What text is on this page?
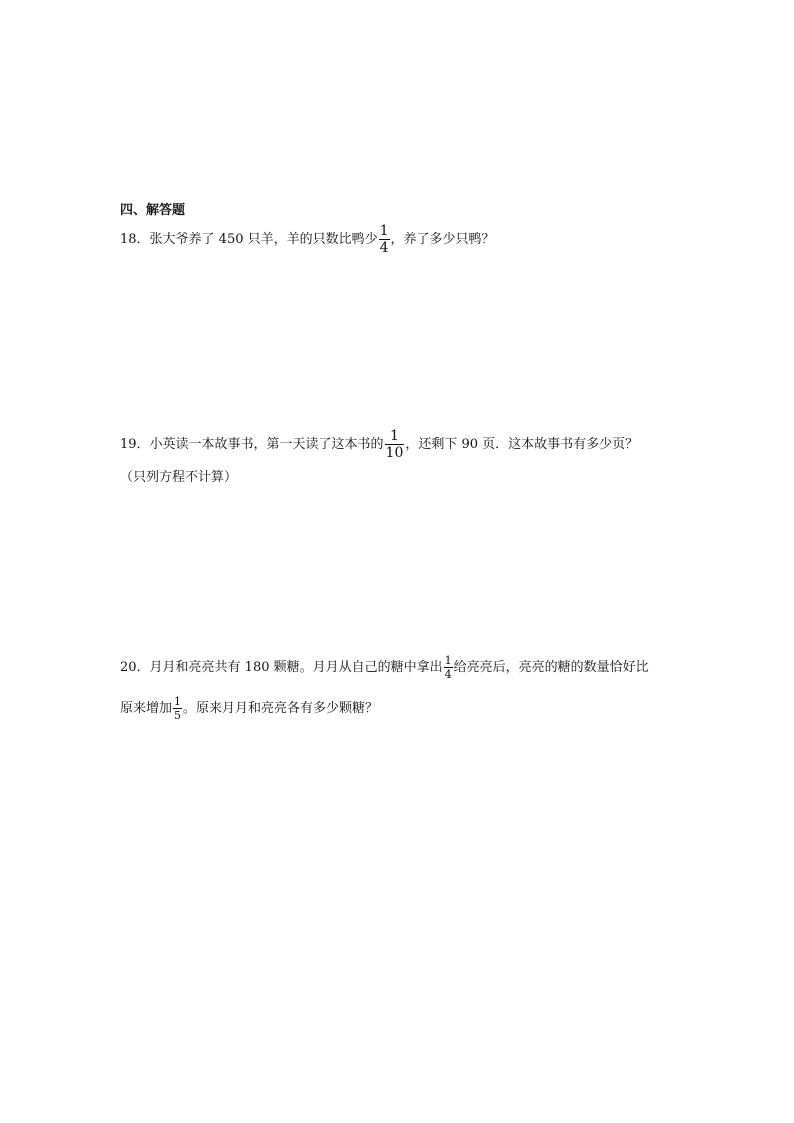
四、解答题
18．张大爷养了 450 只羊，羊的只数比鸭少 $\frac{1}{4}$ ，养了多少只鸭？
19．小英读一本故事书，第一天读了这本书的 $\frac{1}{10}$ ，还剩下 90 页．这本故事书有多少页？
（只列方程不计算）
20．月月和亮亮共有 180 颗糖。月月从自己的糖中拿出 $\frac{1}{4}$ 给亮亮后，亮亮的糖的数量恰好比
原来增加 $\frac{1}{5}$ 。原来月月和亮亮各有多少颗糖？
